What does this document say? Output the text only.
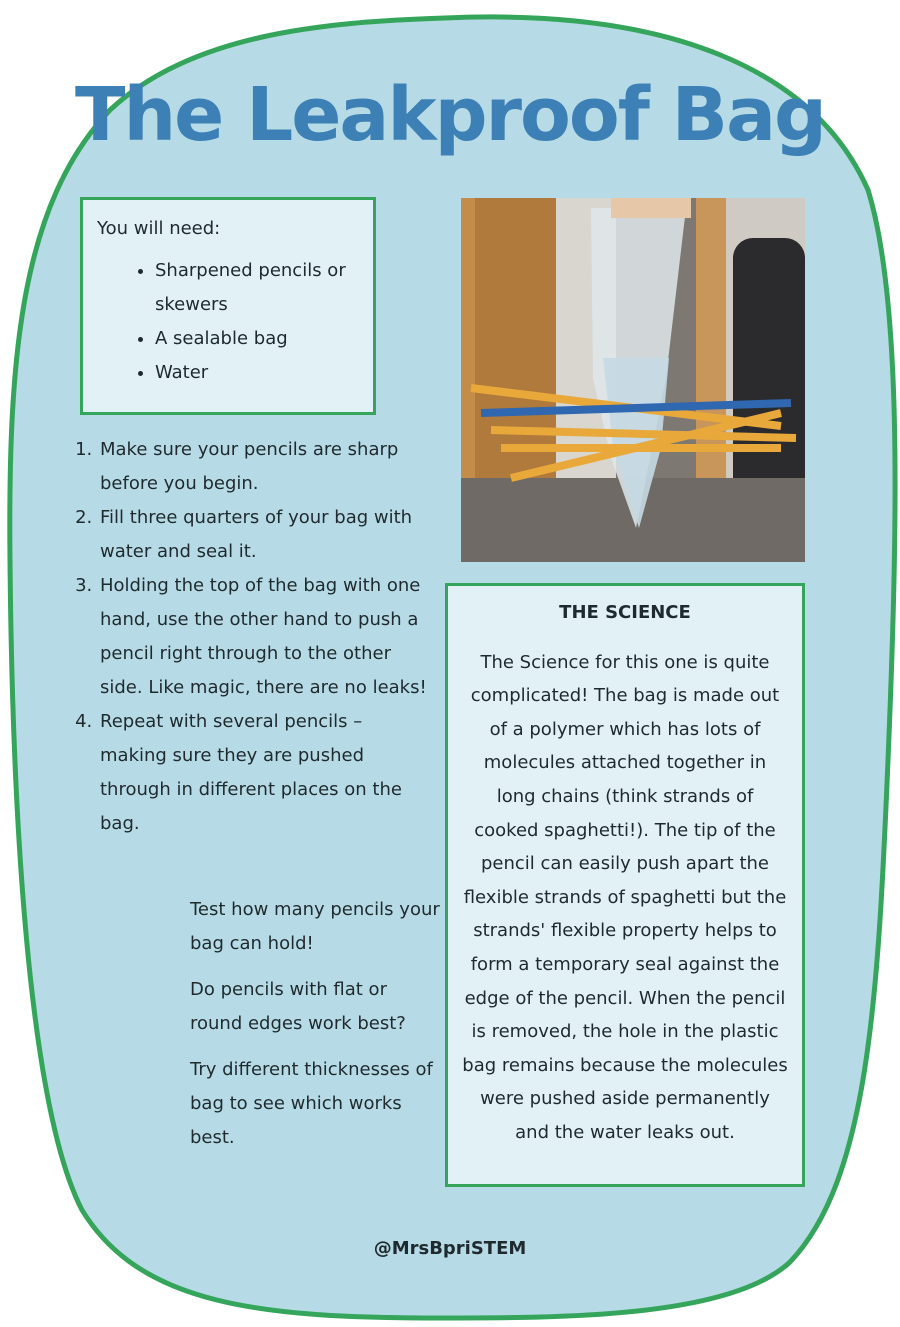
The Leakproof Bag
You will need:
• Sharpened pencils or skewers
• A sealable bag
• Water
1. Make sure your pencils are sharp before you begin.
2. Fill three quarters of your bag with water and seal it.
3. Holding the top of the bag with one hand, use the other hand to push a pencil right through to the other side. Like magic, there are no leaks!
4. Repeat with several pencils – making sure they are pushed through in different places on the bag.

Test how many pencils your bag can hold!

Do pencils with flat or round edges work best?

Try different thicknesses of bag to see which works best.

THE SCIENCE
The Science for this one is quite complicated! The bag is made out of a polymer which has lots of molecules attached together in long chains (think strands of cooked spaghetti!). The tip of the pencil can easily push apart the flexible strands of spaghetti but the strands' flexible property helps to form a temporary seal against the edge of the pencil. When the pencil is removed, the hole in the plastic bag remains because the molecules were pushed aside permanently and the water leaks out.
@MrsBpriSTEM
